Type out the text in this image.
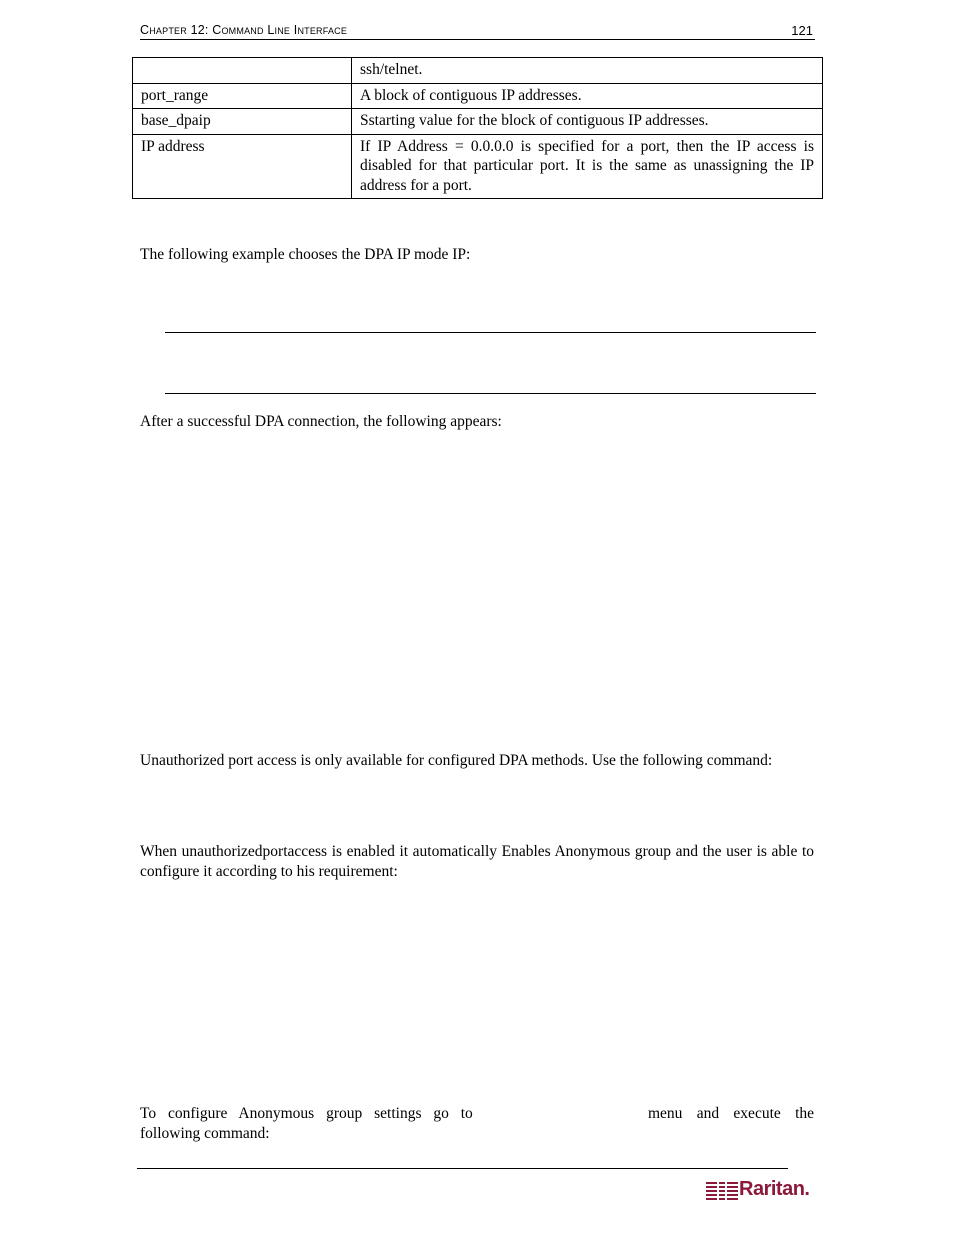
Chapter 12: Command Line Interface	121
	ssh/telnet.
port_range	A block of contiguous IP addresses.
base_dpaip	Sstarting value for the block of contiguous IP addresses.
IP address	If IP Address = 0.0.0.0 is specified for a port, then the IP access is disabled for that particular port. It is the same as unassigning the IP address for a port.
The following example chooses the DPA IP mode IP:
After a successful DPA connection, the following appears:
Unauthorized port access is only available for configured DPA methods. Use the following command:
When unauthorizedportaccess is enabled it automatically Enables Anonymous group and the user is able to configure it according to his requirement:
To configure Anonymous group settings go to	menu and execute the
following command:
Raritan.
